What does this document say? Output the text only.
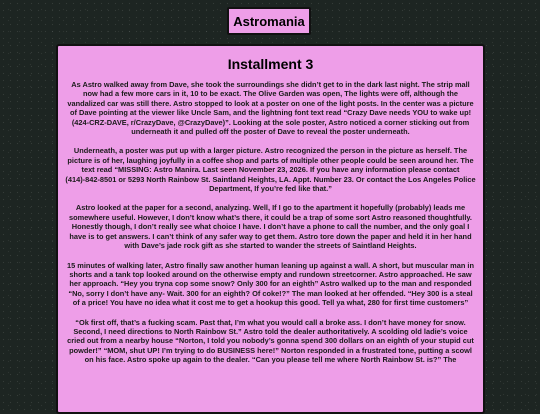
Astromania
Installment 3

As Astro walked away from Dave, she took the surroundings she didn’t get to in the dark last night. The strip mall now had a few more cars in it, 10 to be exact. The Olive Garden was open, The lights were off, although the vandalized car was still there. Astro stopped to look at a poster on one of the light posts. In the center was a picture of Dave pointing at the viewer like Uncle Sam, and the lightning font text read “Crazy Dave needs YOU to wake up! (424-CRZ-DAVE, r/CrazyDave, @CrazyDave)”. Looking at the sole poster, Astro noticed a corner sticking out from underneath it and pulled off the poster of Dave to reveal the poster underneath.

Underneath, a poster was put up with a larger picture. Astro recognized the person in the picture as herself. The picture is of her, laughing joyfully in a coffee shop and parts of multiple other people could be seen around her. The text read “MISSING: Astro Manira. Last seen November 23, 2026. If you have any information please contact (414)-842-8501 or 5293 North Rainbow St. Saintland Heights, LA. Appt. Number 23. Or contact the Los Angeles Police Department, If you’re fed like that.”

Astro looked at the paper for a second, analyzing. Well, If I go to the apartment it hopefully (probably) leads me somewhere useful. However, I don’t know what’s there, it could be a trap of some sort Astro reasoned thoughtfully. Honestly though, I don’t really see what choice I have. I don’t have a phone to call the number, and the only goal I have is to get answers. I can’t think of any safer way to get them. Astro tore down the paper and held it in her hand with Dave’s jade rock gift as she started to wander the streets of Saintland Heights.

15 minutes of walking later, Astro finally saw another human leaning up against a wall. A short, but muscular man in shorts and a tank top looked around on the otherwise empty and rundown streetcorner. Astro approached. He saw her approach. “Hey you tryna cop some snow? Only 300 for an eighth” Astro walked up to the man and responded “No, sorry I don’t have any- Wait. 300 for an eighth? Of coke!?” The man looked at her offended. “Hey 300 is a steal of a price! You have no idea what it cost me to get a hookup this good. Tell ya what, 280 for first time customers”

“Ok first off, that’s a fucking scam. Past that, I’m what you would call a broke ass. I don’t have money for snow. Second, I need directions to North Rainbow St.” Astro told the dealer authoritatively. A scolding old ladie’s voice cried out from a nearby house “Norton, I told you nobody’s gonna spend 300 dollars on an eighth of your stupid cut powder!” “MOM, shut UP! I’m trying to do BUSINESS here!” Norton responded in a frustrated tone, putting a scowl on his face. Astro spoke up again to the dealer. “Can you please tell me where North Rainbow St. is?” The
